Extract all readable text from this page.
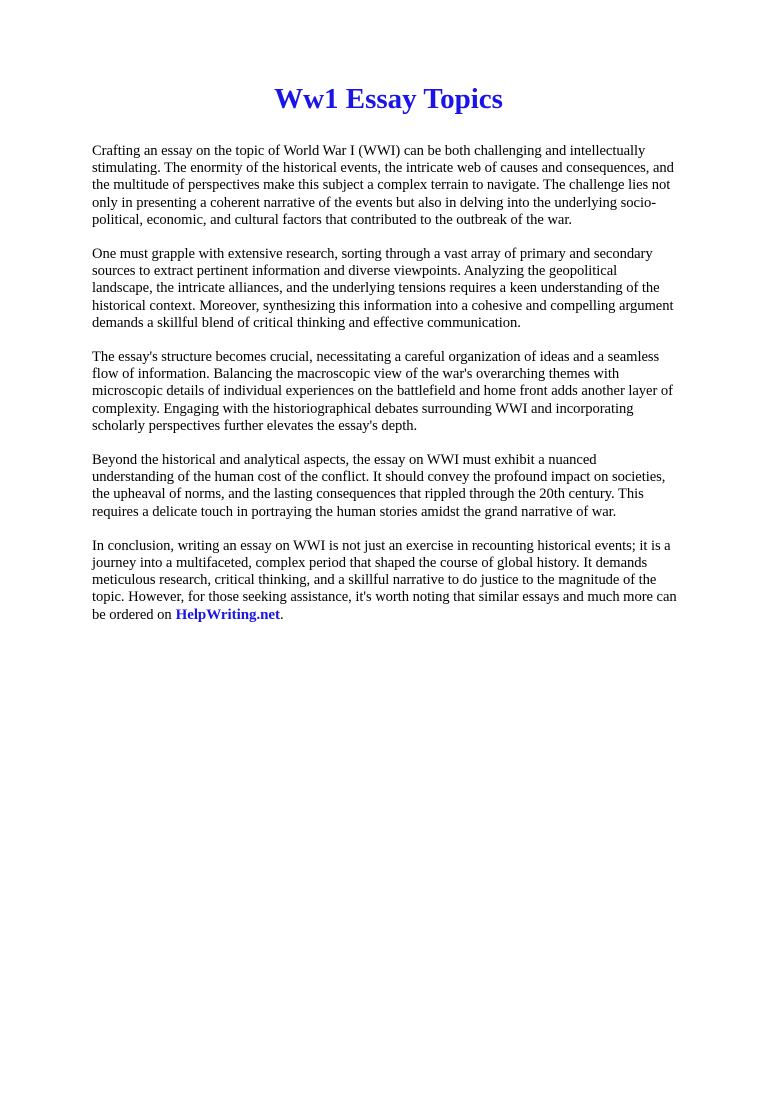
Ww1 Essay Topics

Crafting an essay on the topic of World War I (WWI) can be both challenging and intellectually stimulating. The enormity of the historical events, the intricate web of causes and consequences, and the multitude of perspectives make this subject a complex terrain to navigate. The challenge lies not only in presenting a coherent narrative of the events but also in delving into the underlying socio-political, economic, and cultural factors that contributed to the outbreak of the war.

One must grapple with extensive research, sorting through a vast array of primary and secondary sources to extract pertinent information and diverse viewpoints. Analyzing the geopolitical landscape, the intricate alliances, and the underlying tensions requires a keen understanding of the historical context. Moreover, synthesizing this information into a cohesive and compelling argument demands a skillful blend of critical thinking and effective communication.

The essay's structure becomes crucial, necessitating a careful organization of ideas and a seamless flow of information. Balancing the macroscopic view of the war's overarching themes with microscopic details of individual experiences on the battlefield and home front adds another layer of complexity. Engaging with the historiographical debates surrounding WWI and incorporating scholarly perspectives further elevates the essay's depth.

Beyond the historical and analytical aspects, the essay on WWI must exhibit a nuanced understanding of the human cost of the conflict. It should convey the profound impact on societies, the upheaval of norms, and the lasting consequences that rippled through the 20th century. This requires a delicate touch in portraying the human stories amidst the grand narrative of war.

In conclusion, writing an essay on WWI is not just an exercise in recounting historical events; it is a journey into a multifaceted, complex period that shaped the course of global history. It demands meticulous research, critical thinking, and a skillful narrative to do justice to the magnitude of the topic. However, for those seeking assistance, it's worth noting that similar essays and much more can be ordered on HelpWriting.net.
